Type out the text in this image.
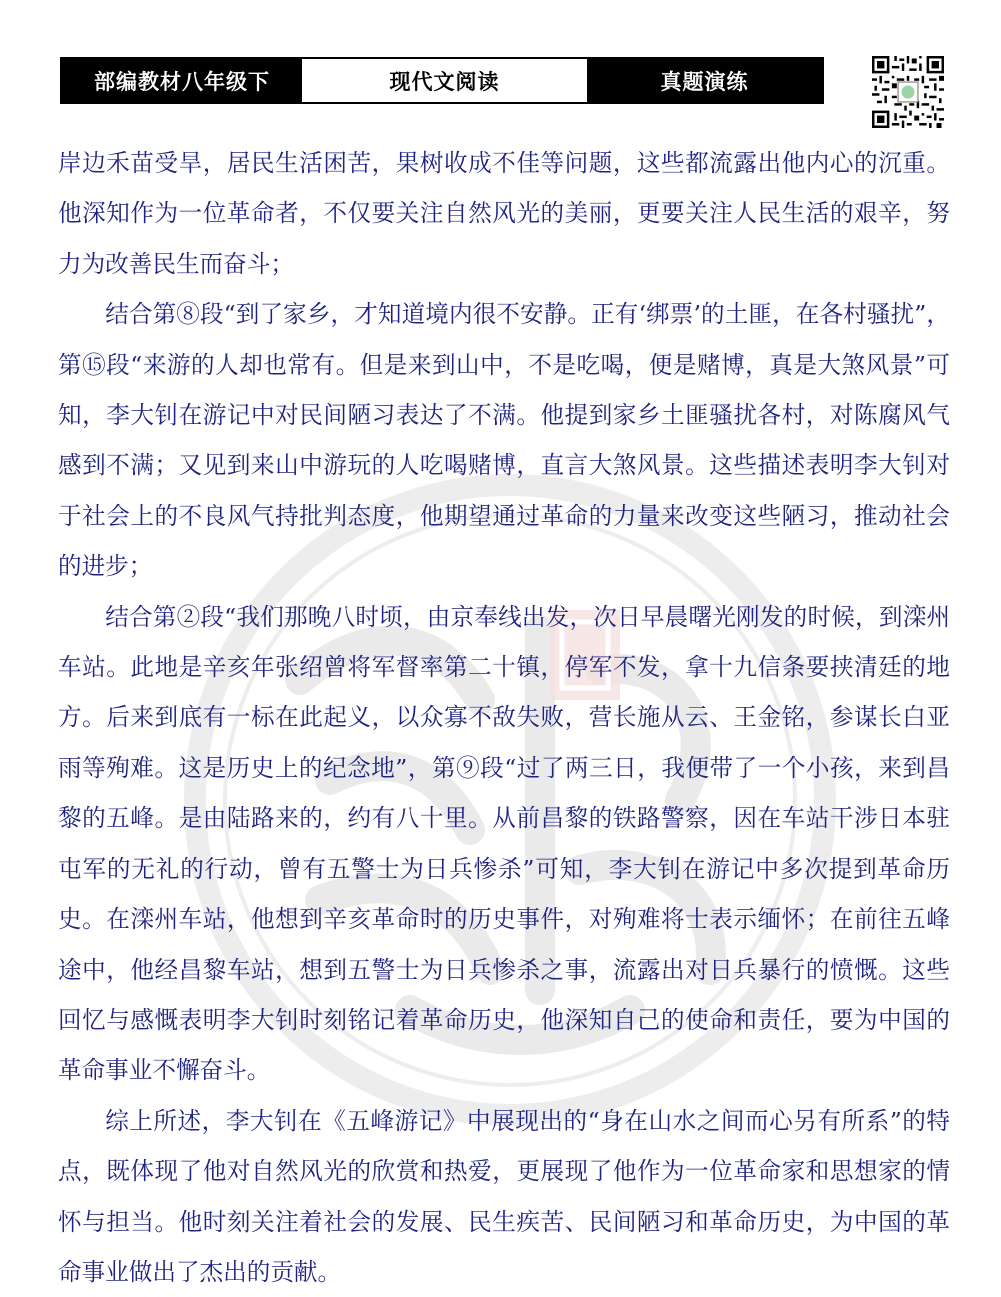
部编教材八年级下	现代文阅读	真题演练

岸边禾苗受旱，居民生活困苦，果树收成不佳等问题，这些都流露出他内心的沉重。他深知作为一位革命者，不仅要关注自然风光的美丽，更要关注人民生活的艰辛，努力为改善民生而奋斗；

结合第⑧段“到了家乡，才知道境内很不安静。正有‘绑票’的土匪，在各村骚扰”，第⑮段“来游的人却也常有。但是来到山中，不是吃喝，便是赌博，真是大煞风景”可知，李大钊在游记中对民间陋习表达了不满。他提到家乡土匪骚扰各村，对陈腐风气感到不满；又见到来山中游玩的人吃喝赌博，直言大煞风景。这些描述表明李大钊对于社会上的不良风气持批判态度，他期望通过革命的力量来改变这些陋习，推动社会的进步；

结合第②段“我们那晚八时顷，由京奉线出发，次日早晨曙光刚发的时候，到滦州车站。此地是辛亥年张绍曾将军督率第二十镇，停军不发，拿十九信条要挟清廷的地方。后来到底有一标在此起义，以众寡不敌失败，营长施从云、王金铭，参谋长白亚雨等殉难。这是历史上的纪念地”，第⑨段“过了两三日，我便带了一个小孩，来到昌黎的五峰。是由陆路来的，约有八十里。从前昌黎的铁路警察，因在车站干涉日本驻屯军的无礼的行动，曾有五警士为日兵惨杀”可知，李大钊在游记中多次提到革命历史。在滦州车站，他想到辛亥革命时的历史事件，对殉难将士表示缅怀；在前往五峰途中，他经昌黎车站，想到五警士为日兵惨杀之事，流露出对日兵暴行的愤慨。这些回忆与感慨表明李大钊时刻铭记着革命历史，他深知自己的使命和责任，要为中国的革命事业不懈奋斗。

综上所述，李大钊在《五峰游记》中展现出的“身在山水之间而心另有所系”的特点，既体现了他对自然风光的欣赏和热爱，更展现了他作为一位革命家和思想家的情怀与担当。他时刻关注着社会的发展、民生疾苦、民间陋习和革命历史，为中国的革命事业做出了杰出的贡献。
